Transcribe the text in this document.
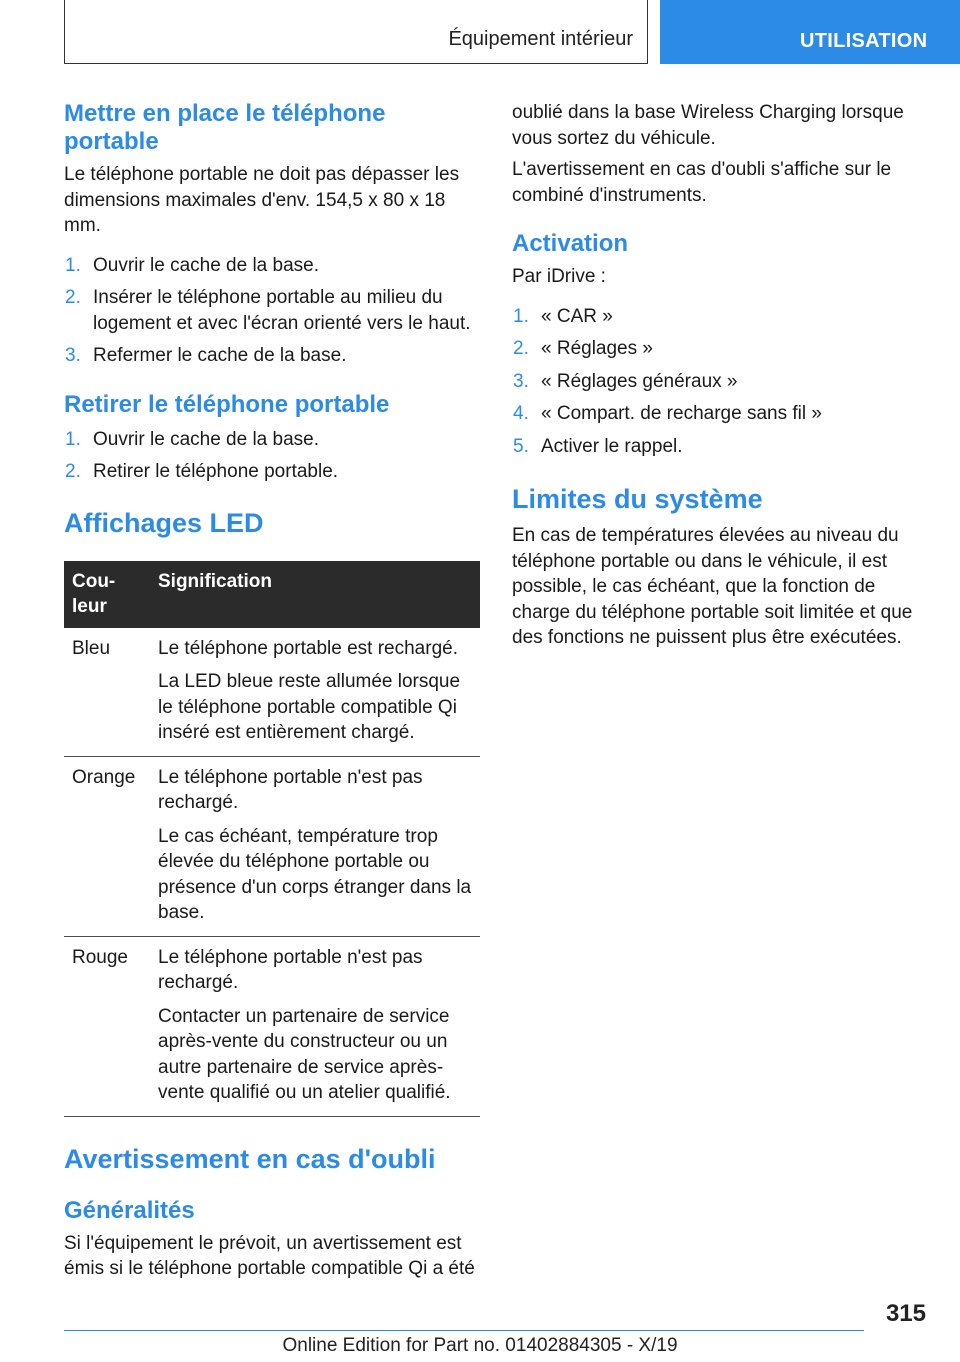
Équipement intérieur	UTILISATION
Mettre en place le téléphone portable

Le téléphone portable ne doit pas dépasser les dimensions maximales d'env. 154,5 x 80 x 18 mm.

1. Ouvrir le cache de la base.
2. Insérer le téléphone portable au milieu du logement et avec l'écran orienté vers le haut.
3. Refermer le cache de la base.
Retirer le téléphone portable
1. Ouvrir le cache de la base.
2. Retirer le téléphone portable.
Affichages LED
Cou-leur	Signification
Bleu	Le téléphone portable est rechargé.

La LED bleue reste allumée lorsque le téléphone portable compatible Qi inséré est entièrement chargé.

Orange	Le téléphone portable n'est pas rechargé.

Le cas échéant, température trop élevée du téléphone portable ou présence d'un corps étranger dans la base.

Rouge	Le téléphone portable n'est pas rechargé.

Contacter un partenaire de service après-vente du constructeur ou un autre partenaire de service après-vente qualifié ou un atelier qualifié.

Avertissement en cas d'oubli
Généralités

Si l'équipement le prévoit, un avertissement est émis si le téléphone portable compatible Qi a été

oublié dans la base Wireless Charging lorsque vous sortez du véhicule.

L'avertissement en cas d'oubli s'affiche sur le combiné d'instruments.

Activation

Par iDrive :

1. « CAR »
2. « Réglages »
3. « Réglages généraux »
4. « Compart. de recharge sans fil »
5. Activer le rappel.
Limites du système

En cas de températures élevées au niveau du téléphone portable ou dans le véhicule, il est possible, le cas échéant, que la fonction de charge du téléphone portable soit limitée et que des fonctions ne puissent plus être exécutées.

315
Online Edition for Part no. 01402884305 - X/19
